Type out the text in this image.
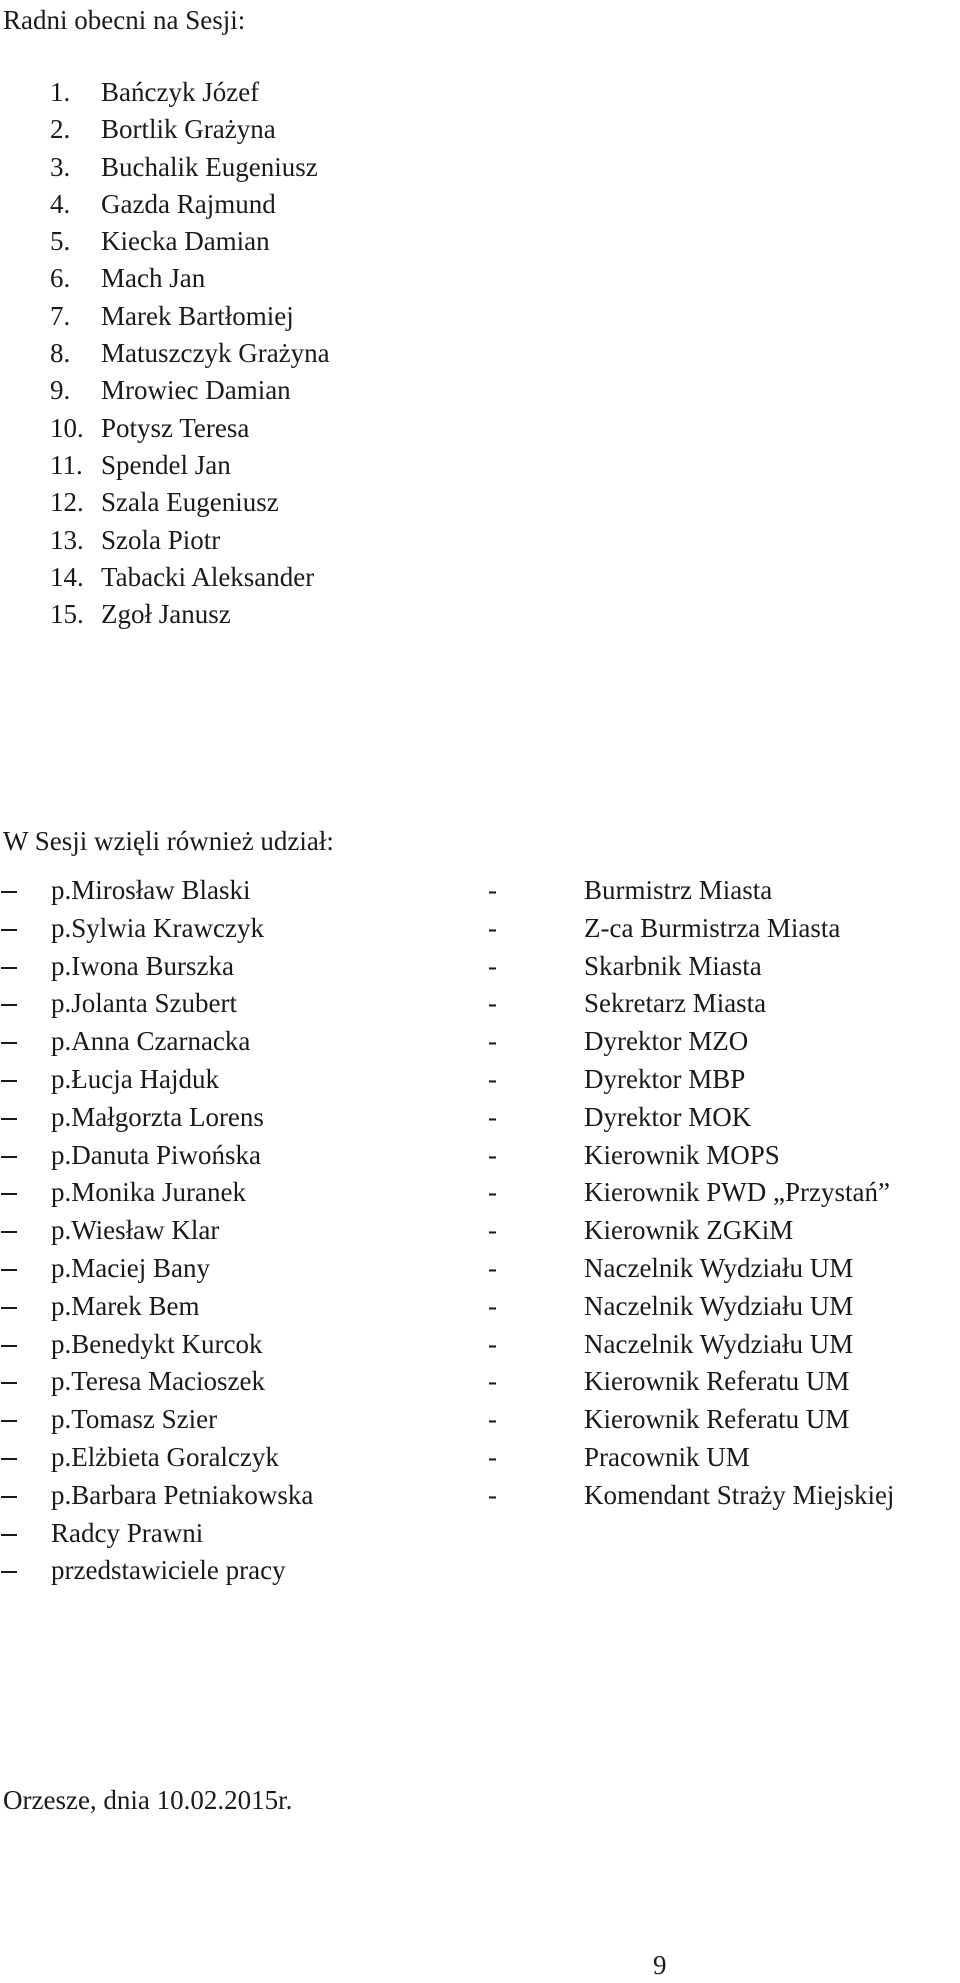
Radni obecni na Sesji:
1. Bańczyk Józef
2. Bortlik Grażyna
3. Buchalik Eugeniusz
4. Gazda Rajmund
5. Kiecka Damian
6. Mach Jan
7. Marek Bartłomiej
8. Matuszczyk Grażyna
9. Mrowiec Damian
10. Potysz Teresa
11. Spendel Jan
12. Szala Eugeniusz
13. Szola Piotr
14. Tabacki Aleksander
15. Zgoł Janusz
W Sesji wzięli również udział:
p.Mirosław Blaski	-	Burmistrz Miasta
p.Sylwia Krawczyk	-	Z-ca Burmistrza Miasta
p.Iwona Burszka	-	Skarbnik Miasta
p.Jolanta Szubert	-	Sekretarz Miasta
p.Anna Czarnacka	-	Dyrektor MZO
p.Łucja Hajduk	-	Dyrektor MBP
p.Małgorzta Lorens	-	Dyrektor MOK
p.Danuta Piwońska	-	Kierownik MOPS
p.Monika Juranek	-	Kierownik PWD „Przystań”
p.Wiesław Klar	-	Kierownik ZGKiM
p.Maciej Bany	-	Naczelnik Wydziału UM
p.Marek Bem	-	Naczelnik Wydziału UM
p.Benedykt Kurcok	-	Naczelnik Wydziału UM
p.Teresa Macioszek	-	Kierownik Referatu UM
p.Tomasz Szier	-	Kierownik Referatu UM
p.Elżbieta Goralczyk	-	Pracownik UM
p.Barbara Petniakowska	-	Komendant Straży Miejskiej
Radcy Prawni
przedstawiciele pracy
Orzesze, dnia 10.02.2015r.
9
